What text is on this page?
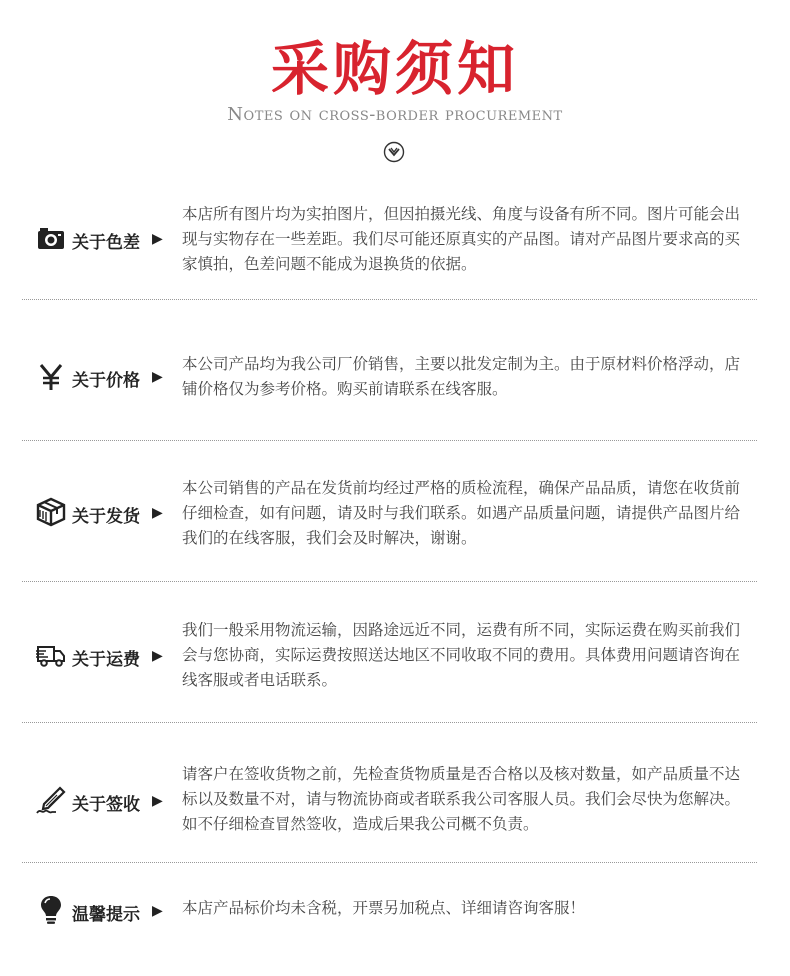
采购须知
Notes on cross-border procurement
关于色差 ▶
本店所有图片均为实拍图片，但因拍摄光线、角度与设备有所不同。图片可能会出现与实物存在一些差距。我们尽可能还原真实的产品图。请对产品图片要求高的买家慎拍，色差问题不能成为退换货的依据。
关于价格 ▶
本公司产品均为我公司厂价销售，主要以批发定制为主。由于原材料价格浮动，店铺价格仅为参考价格。购买前请联系在线客服。
关于发货 ▶
本公司销售的产品在发货前均经过严格的质检流程，确保产品品质，请您在收货前仔细检查，如有问题，请及时与我们联系。如遇产品质量问题，请提供产品图片给我们的在线客服，我们会及时解决，谢谢。
关于运费 ▶
我们一般采用物流运输，因路途远近不同，运费有所不同，实际运费在购买前我们会与您协商，实际运费按照送达地区不同收取不同的费用。具体费用问题请咨询在线客服或者电话联系。
关于签收 ▶
请客户在签收货物之前，先检查货物质量是否合格以及核对数量，如产品质量不达标以及数量不对，请与物流协商或者联系我公司客服人员。我们会尽快为您解决。如不仔细检查冒然签收，造成后果我公司概不负责。
温馨提示 ▶ 本店产品标价均未含税，开票另加税点、详细请咨询客服！
